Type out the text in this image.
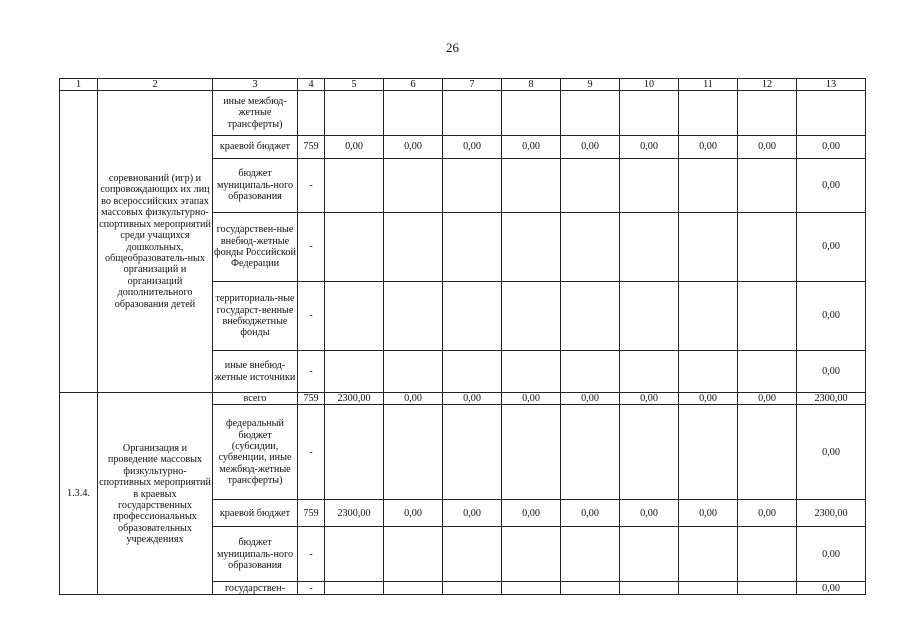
26
1	2	3	4	5	6	7	8	9	10	11	12	13
	соревнований (игр) и сопровождающих их лиц во всероссийских этапах массовых физкультурно-спортивных мероприятий среди учащихся дошкольных, общеобразователь-ных организаций и организаций дополнительного образования детей	иные межбюд-жетные трансферты)										
		краевой бюджет	759	0,00	0,00	0,00	0,00	0,00	0,00	0,00	0,00	0,00
		бюджет муниципаль-ного образования	-									0,00
		государствен-ные внебюд-жетные фонды Российской Федерации	-									0,00
		территориаль-ные государст-венные внебюджетные фонды	-									0,00
		иные внебюд-жетные источники	-									0,00
1.3.4.	Организация и проведение массовых физкультурно-спортивных мероприятий в краевых государственных профессиональных образовательных учреждениях	всего	759	2300,00	0,00	0,00	0,00	0,00	0,00	0,00	0,00	2300,00
		федеральный бюджет (субсидии, субвенции, иные межбюд-жетные трансферты)	-									0,00
		краевой бюджет	759	2300,00	0,00	0,00	0,00	0,00	0,00	0,00	0,00	2300,00
		бюджет муниципаль-ного образования	-									0,00
		государствен-	-									0,00
